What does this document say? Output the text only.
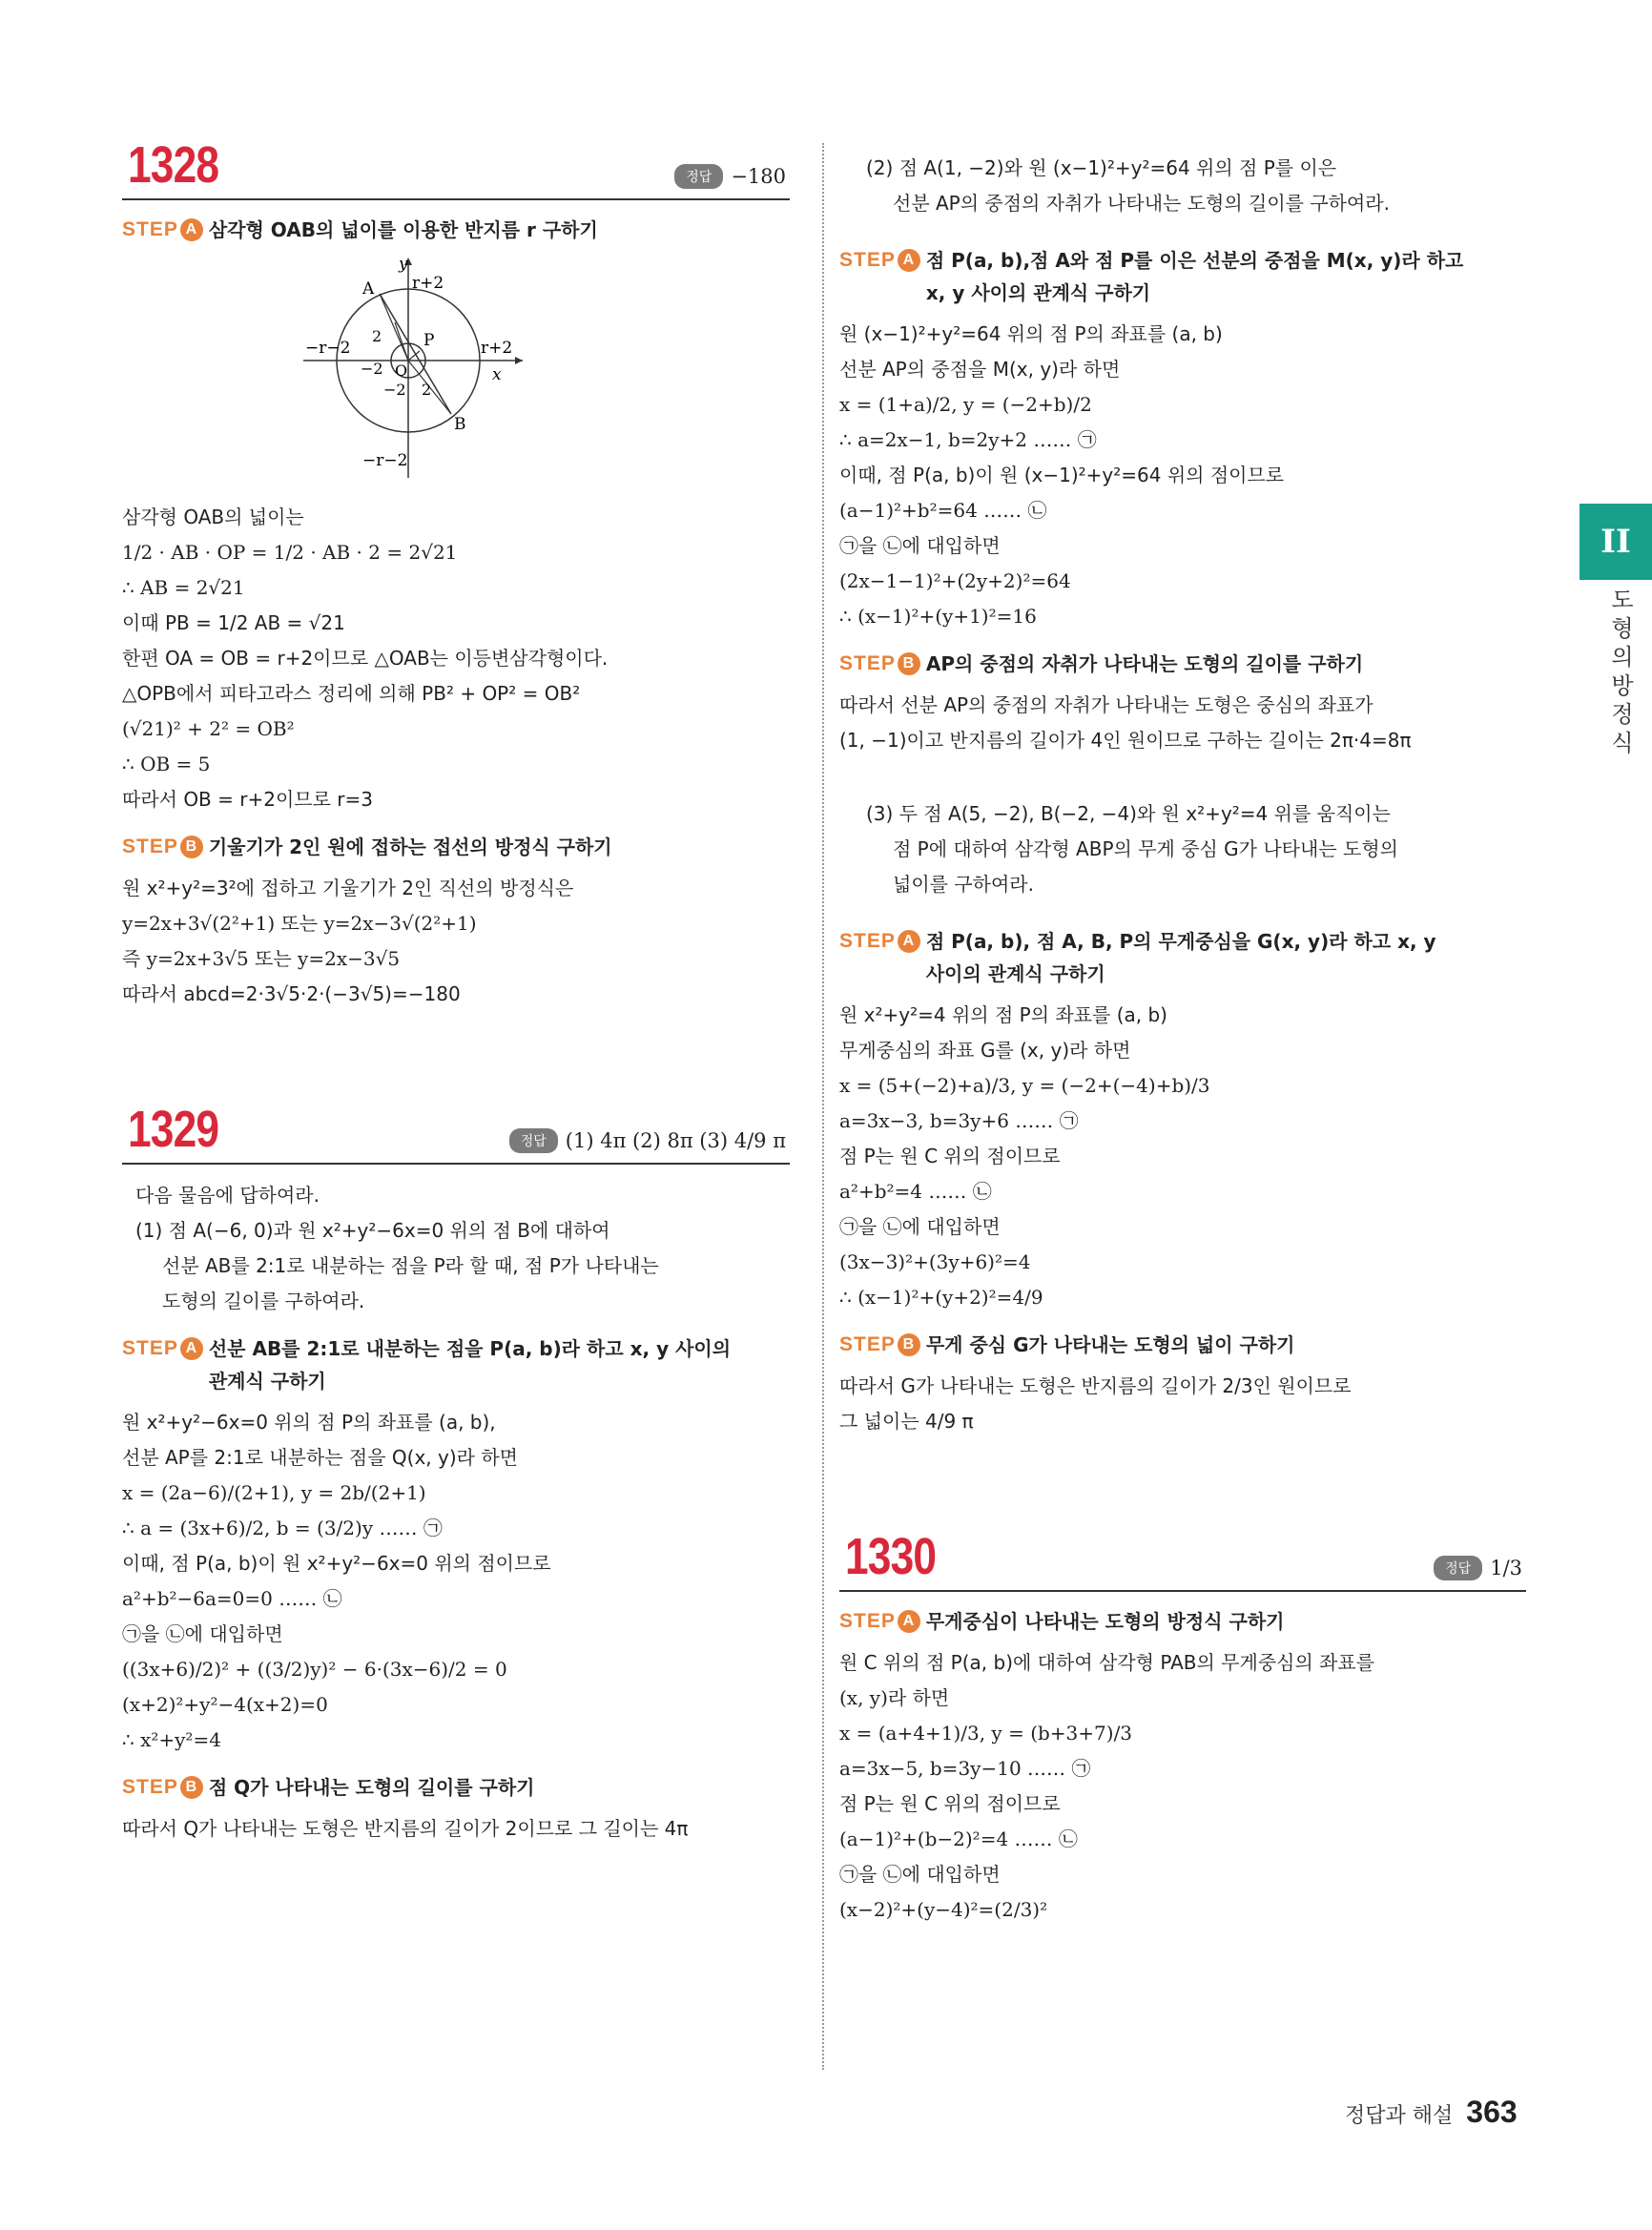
1328	정답 −180
STEP A 삼각형 OAB의 넓이를 이용한 반지름 r 구하기
y
x
r+2
−r−2	r+2
−r−2
A
P
B
O
2
−2
−2 2
삼각형 OAB의 넓이는
1/2 · AB · OP = 1/2 · AB · 2 = 2√21
∴ AB = 2√21
이때 PB = 1/2 AB = √21
한편 OA = OB = r+2이므로 △OAB는 이등변삼각형이다.
△OPB에서 피타고라스 정리에 의해 PB² + OP² = OB²
(√21)² + 2² = OB²
∴ OB = 5
따라서 OB = r+2이므로 r=3
STEP B 기울기가 2인 원에 접하는 접선의 방정식 구하기
원 x²+y²=3²에 접하고 기울기가 2인 직선의 방정식은
y=2x+3√(2²+1) 또는 y=2x−3√(2²+1)
즉 y=2x+3√5 또는 y=2x−3√5
따라서 abcd=2·3√5·2·(−3√5)=−180
1329	정답 (1) 4π (2) 8π (3) 4/9 π
다음 물음에 답하여라.
(1) 점 A(−6, 0)과 원 x²+y²−6x=0 위의 점 B에 대하여
선분 AB를 2:1로 내분하는 점을 P라 할 때, 점 P가 나타내는
도형의 길이를 구하여라.
STEP A 선분 AB를 2:1로 내분하는 점을 P(a, b)라 하고 x, y 사이의 관계식 구하기
원 x²+y²−6x=0 위의 점 P의 좌표를 (a, b),
선분 AP를 2:1로 내분하는 점을 Q(x, y)라 하면
x = (2a−6)/(2+1), y = 2b/(2+1)
∴ a = (3x+6)/2, b = (3/2)y …… ㉠
이때, 점 P(a, b)이 원 x²+y²−6x=0 위의 점이므로
a²+b²−6a=0=0 …… ㉡
㉠을 ㉡에 대입하면
((3x+6)/2)² + ((3/2)y)² − 6·(3x−6)/2 = 0
(x+2)²+y²−4(x+2)=0
∴ x²+y²=4
STEP B 점 Q가 나타내는 도형의 길이를 구하기
따라서 Q가 나타내는 도형은 반지름의 길이가 2이므로 그 길이는 4π
(2) 점 A(1, −2)와 원 (x−1)²+y²=64 위의 점 P를 이은
선분 AP의 중점의 자취가 나타내는 도형의 길이를 구하여라.
STEP A 점 P(a, b),점 A와 점 P를 이은 선분의 중점을 M(x, y)라 하고 x, y 사이의 관계식 구하기
원 (x−1)²+y²=64 위의 점 P의 좌표를 (a, b)
선분 AP의 중점을 M(x, y)라 하면
x = (1+a)/2, y = (−2+b)/2
∴ a=2x−1, b=2y+2 …… ㉠
이때, 점 P(a, b)이 원 (x−1)²+y²=64 위의 점이므로
(a−1)²+b²=64 …… ㉡
㉠을 ㉡에 대입하면
(2x−1−1)²+(2y+2)²=64
∴ (x−1)²+(y+1)²=16
STEP B AP의 중점의 자취가 나타내는 도형의 길이를 구하기
따라서 선분 AP의 중점의 자취가 나타내는 도형은 중심의 좌표가
(1, −1)이고 반지름의 길이가 4인 원이므로 구하는 길이는 2π·4=8π
(3) 두 점 A(5, −2), B(−2, −4)와 원 x²+y²=4 위를 움직이는
점 P에 대하여 삼각형 ABP의 무게 중심 G가 나타내는 도형의
넓이를 구하여라.
STEP A 점 P(a, b), 점 A, B, P의 무게중심을 G(x, y)라 하고 x, y 사이의 관계식 구하기
원 x²+y²=4 위의 점 P의 좌표를 (a, b)
무게중심의 좌표 G를 (x, y)라 하면
x = (5+(−2)+a)/3, y = (−2+(−4)+b)/3
a=3x−3, b=3y+6 …… ㉠
점 P는 원 C 위의 점이므로
a²+b²=4 …… ㉡
㉠을 ㉡에 대입하면
(3x−3)²+(3y+6)²=4
∴ (x−1)²+(y+2)²=4/9
STEP B 무게 중심 G가 나타내는 도형의 넓이 구하기
따라서 G가 나타내는 도형은 반지름의 길이가 2/3인 원이므로
그 넓이는 4/9 π
1330	정답 1/3
STEP A 무게중심이 나타내는 도형의 방정식 구하기
원 C 위의 점 P(a, b)에 대하여 삼각형 PAB의 무게중심의 좌표를
(x, y)라 하면
x = (a+4+1)/3, y = (b+3+7)/3
a=3x−5, b=3y−10 …… ㉠
점 P는 원 C 위의 점이므로
(a−1)²+(b−2)²=4 …… ㉡
㉠을 ㉡에 대입하면
(x−2)²+(y−4)²=(2/3)²
II
도형의 방정식
정답과 해설 363
